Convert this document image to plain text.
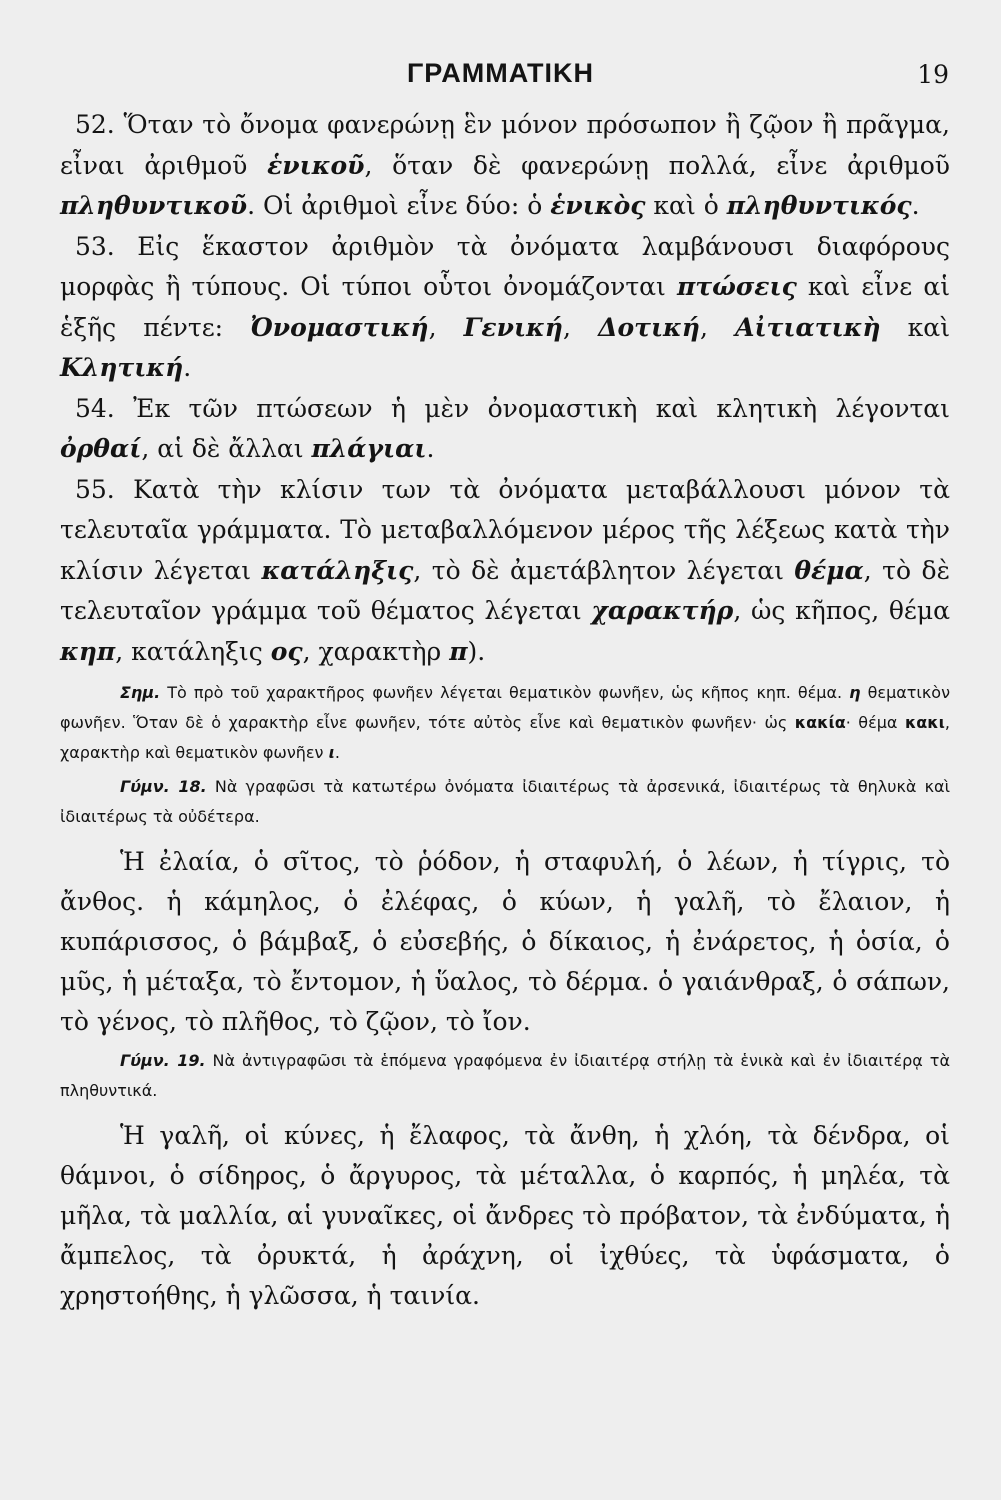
ΓΡΑΜΜΑΤΙΚΗ	19

52. Ὅταν τὸ ὄνομα φανερώνῃ ἓν μόνον πρόσωπον ἢ ζῷον ἢ πρᾶγμα, εἶναι ἀριθμοῦ ἑνικοῦ, ὅταν δὲ φανερώνῃ πολλά, εἶνε ἀριθμοῦ πληθυντικοῦ. Οἱ ἀριθμοὶ εἶνε δύο: ὁ ἑνικὸς καὶ ὁ πληθυντικός.

53. Εἰς ἕκαστον ἀριθμὸν τὰ ὀνόματα λαμβάνουσι διαφόρους μορφὰς ἢ τύπους. Οἱ τύποι οὗτοι ὀνομάζονται πτώσεις καὶ εἶνε αἱ ἑξῆς πέντε: Ὀνομαστική, Γενική, Δοτική, Αἰτιατικὴ καὶ Κλητική.

54. Ἐκ τῶν πτώσεων ἡ μὲν ὀνομαστικὴ καὶ κλητικὴ λέγονται ὀρθαί, αἱ δὲ ἄλλαι πλάγιαι.

55. Κατὰ τὴν κλίσιν των τὰ ὀνόματα μεταβάλλουσι μόνον τὰ τελευταῖα γράμματα. Τὸ μεταβαλλόμενον μέρος τῆς λέξεως κατὰ τὴν κλίσιν λέγεται κατάληξις, τὸ δὲ ἀμετάβλητον λέγεται θέμα, τὸ δὲ τελευταῖον γράμμα τοῦ θέματος λέγεται χαρακτήρ, ὡς κῆπος, θέμα κηπ, κατάληξις ος, χαρακτὴρ π).

Σημ. Τὸ πρὸ τοῦ χαρακτῆρος φωνῆεν λέγεται θεματικὸν φωνῆεν, ὡς κῆπος κηπ. θέμα. η θεματικὸν φωνῆεν. Ὅταν δὲ ὁ χαρακτὴρ εἶνε φωνῆεν, τότε αὐτὸς εἶνε καὶ θεματικὸν φωνῆεν· ὡς κακία· θέμα κακι, χαρακτὴρ καὶ θεματικὸν φωνῆεν ι.

Γύμν. 18. Νὰ γραφῶσι τὰ κατωτέρω ὀνόματα ἰδιαιτέρως τὰ ἀρσενικά, ἰδιαιτέρως τὰ θηλυκὰ καὶ ἰδιαιτέρως τὰ οὐδέτερα.

Ἡ ἐλαία, ὁ σῖτος, τὸ ῥόδον, ἡ σταφυλή, ὁ λέων, ἡ τίγρις, τὸ ἄνθος. ἡ κάμηλος, ὁ ἐλέφας, ὁ κύων, ἡ γαλῆ, τὸ ἔλαιον, ἡ κυπάρισσος, ὁ βάμβαξ, ὁ εὐσεβής, ὁ δίκαιος, ἡ ἐνάρετος, ἡ ὁσία, ὁ μῦς, ἡ μέταξα, τὸ ἔντομον, ἡ ὕαλος, τὸ δέρμα. ὁ γαιάνθραξ, ὁ σάπων, τὸ γένος, τὸ πλῆθος, τὸ ζῷον, τὸ ἴον.

Γύμν. 19. Νὰ ἀντιγραφῶσι τὰ ἑπόμενα γραφόμενα ἐν ἰδιαιτέρᾳ στήλῃ τὰ ἑνικὰ καὶ ἐν ἰδιαιτέρᾳ τὰ πληθυντικά.

Ἡ γαλῆ, οἱ κύνες, ἡ ἔλαφος, τὰ ἄνθη, ἡ χλόη, τὰ δένδρα, οἱ θάμνοι, ὁ σίδηρος, ὁ ἄργυρος, τὰ μέταλλα, ὁ καρπός, ἡ μηλέα, τὰ μῆλα, τὰ μαλλία, αἱ γυναῖκες, οἱ ἄνδρες τὸ πρόβατον, τὰ ἐνδύματα, ἡ ἄμπελος, τὰ ὀρυκτά, ἡ ἀράχνη, οἱ ἰχθύες, τὰ ὑφάσματα, ὁ χρηστοήθης, ἡ γλῶσσα, ἡ ταινία.
